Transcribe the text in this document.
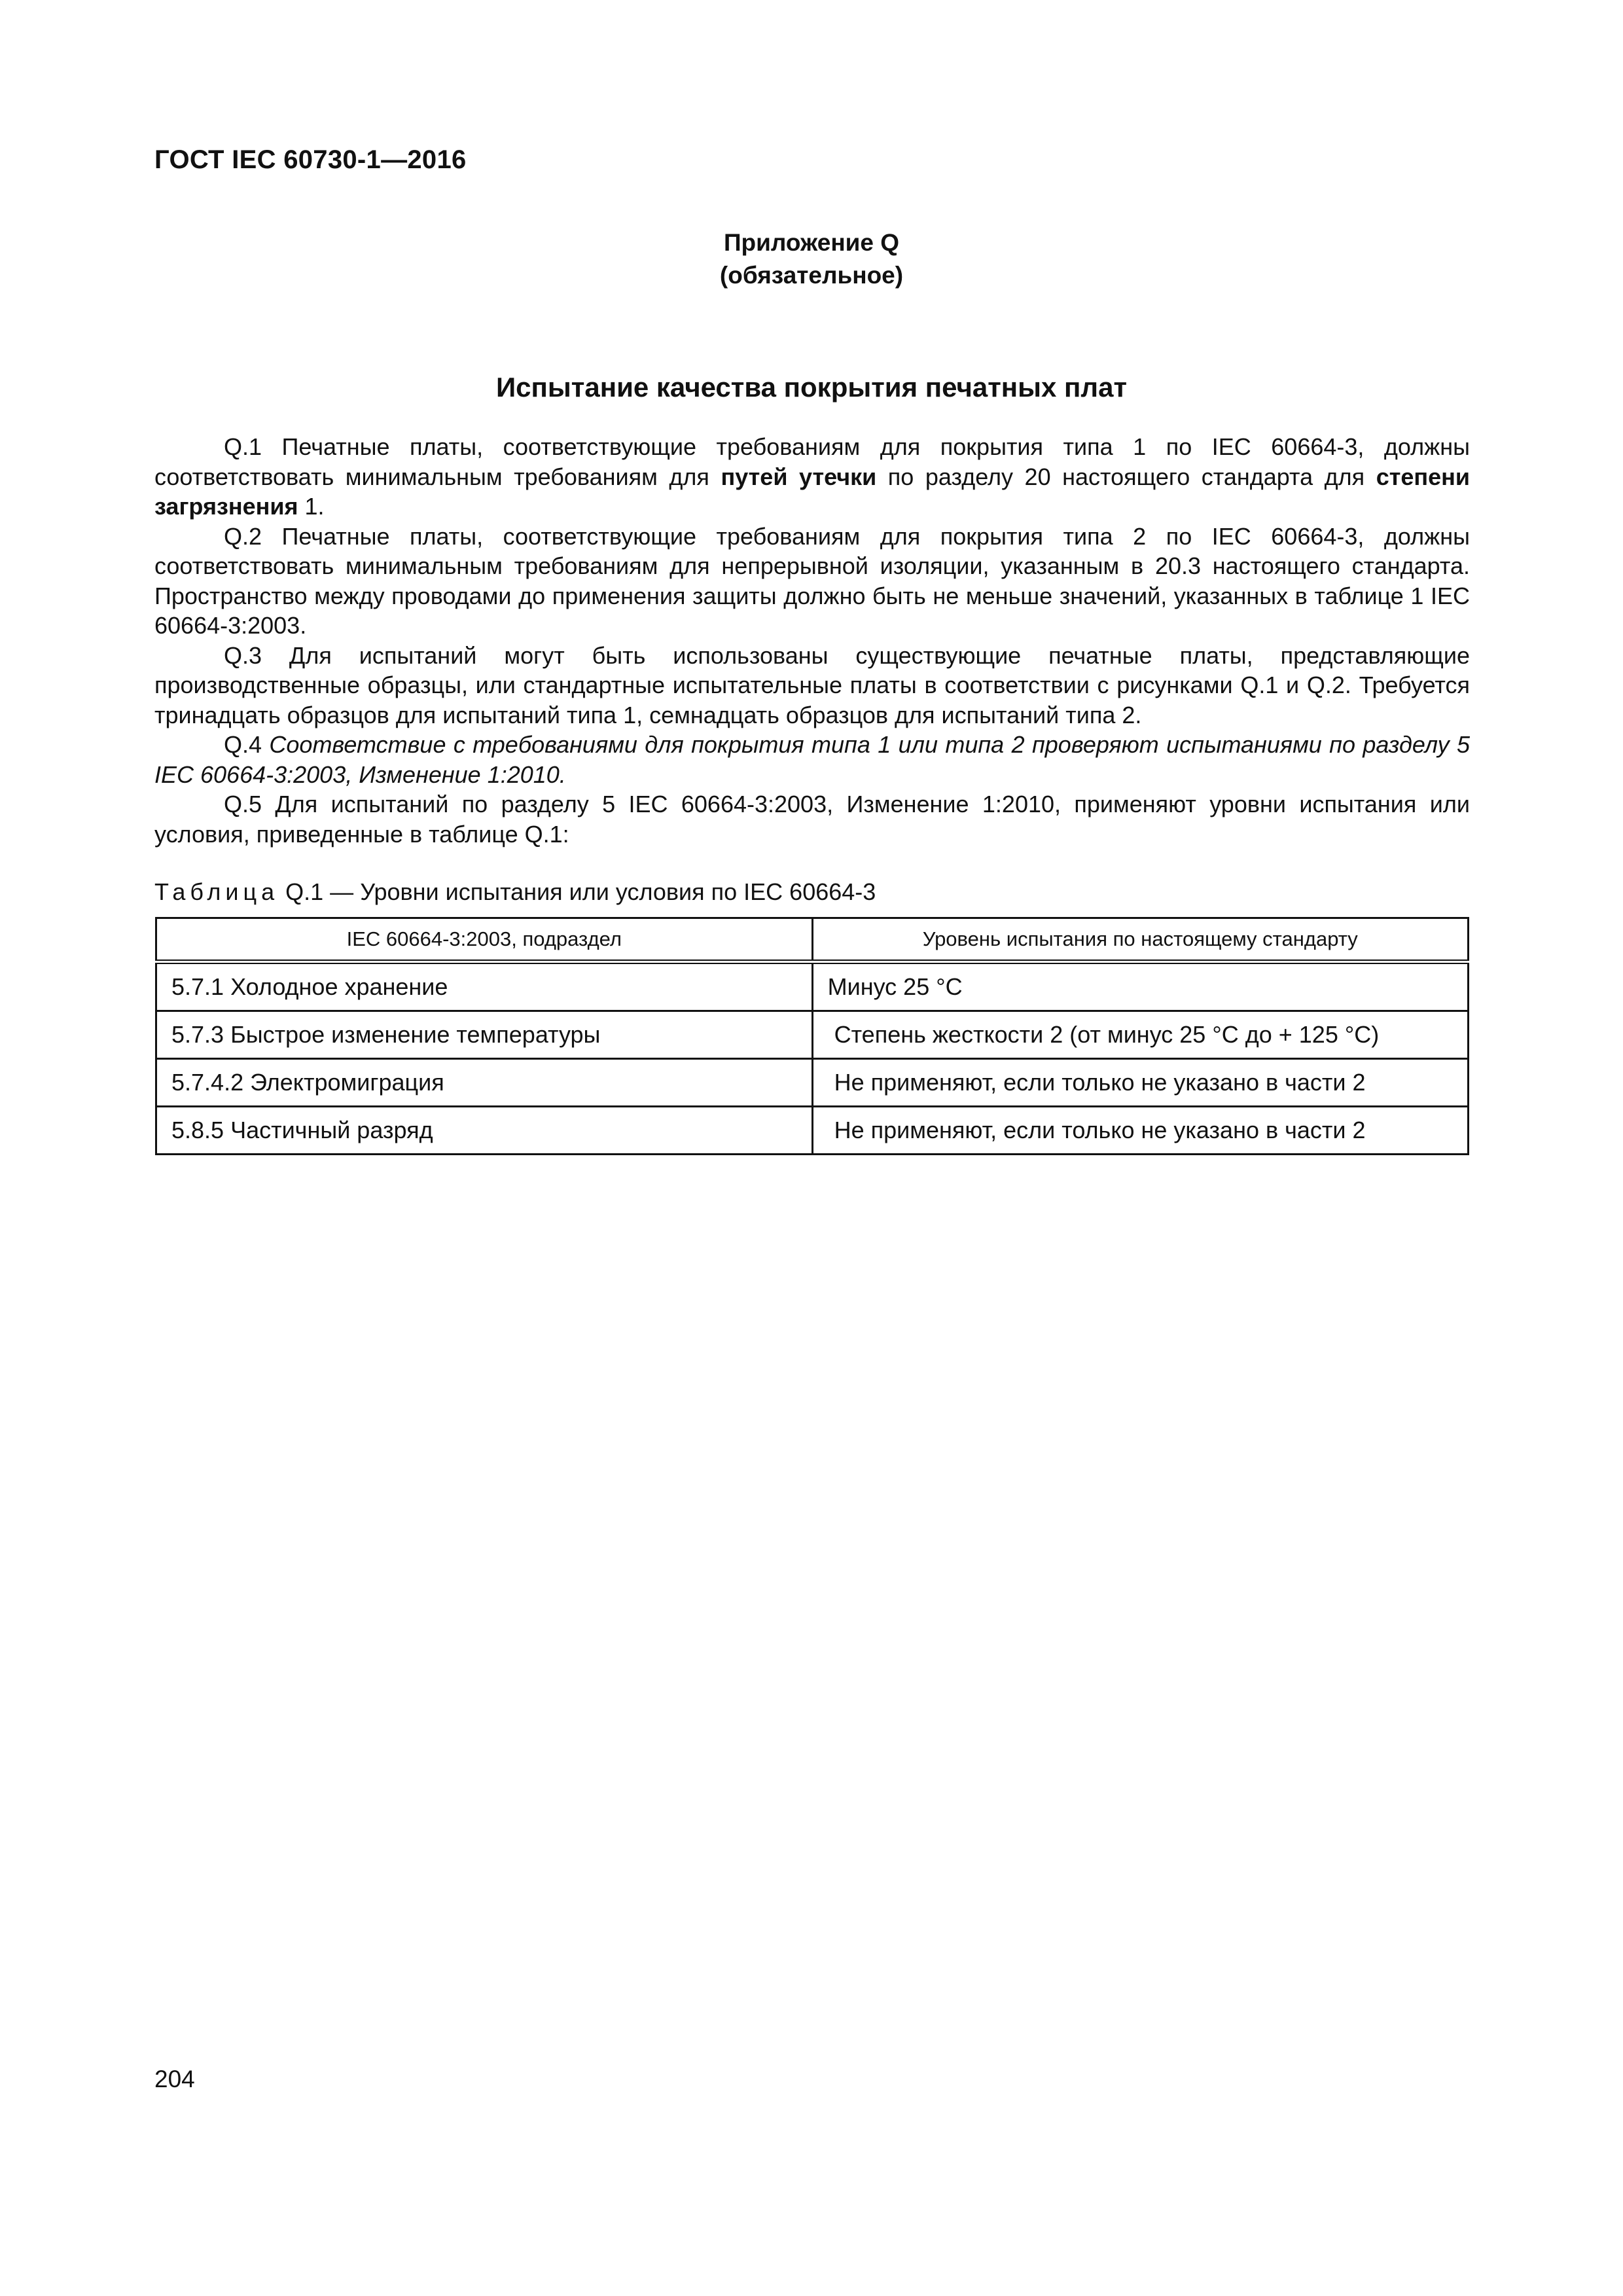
ГОСТ IEC 60730-1—2016
Приложение Q
(обязательное)
Испытание качества покрытия печатных плат

Q.1 Печатные платы, соответствующие требованиям для покрытия типа 1 по IEC 60664-3, должны соответствовать минимальным требованиям для путей утечки по разделу 20 настоящего стандарта для степени загрязнения 1.

Q.2 Печатные платы, соответствующие требованиям для покрытия типа 2 по IEC 60664-3, должны соответствовать минимальным требованиям для непрерывной изоляции, указанным в 20.3 настоящего стандарта. Пространство между проводами до применения защиты должно быть не меньше значений, указанных в таблице 1 IEC 60664-3:2003.

Q.3 Для испытаний могут быть использованы существующие печатные платы, представляющие производственные образцы, или стандартные испытательные платы в соответствии с рисунками Q.1 и Q.2. Требуется тринадцать образцов для испытаний типа 1, семнадцать образцов для испытаний типа 2.

Q.4 Соответствие с требованиями для покрытия типа 1 или типа 2 проверяют испытаниями по разделу 5 IEC 60664-3:2003, Изменение 1:2010.

Q.5 Для испытаний по разделу 5 IEC 60664-3:2003, Изменение 1:2010, применяют уровни испытания или условия, приведенные в таблице Q.1:

Таблица Q.1 — Уровни испытания или условия по IEC 60664-3
IEC 60664-3:2003, подраздел	Уровень испытания по настоящему стандарту
5.7.1 Холодное хранение	Минус 25 °C
5.7.3 Быстрое изменение температуры	Степень жесткости 2 (от минус 25 °C до + 125 °C)
5.7.4.2 Электромиграция	Не применяют, если только не указано в части 2
5.8.5 Частичный разряд	Не применяют, если только не указано в части 2
204
